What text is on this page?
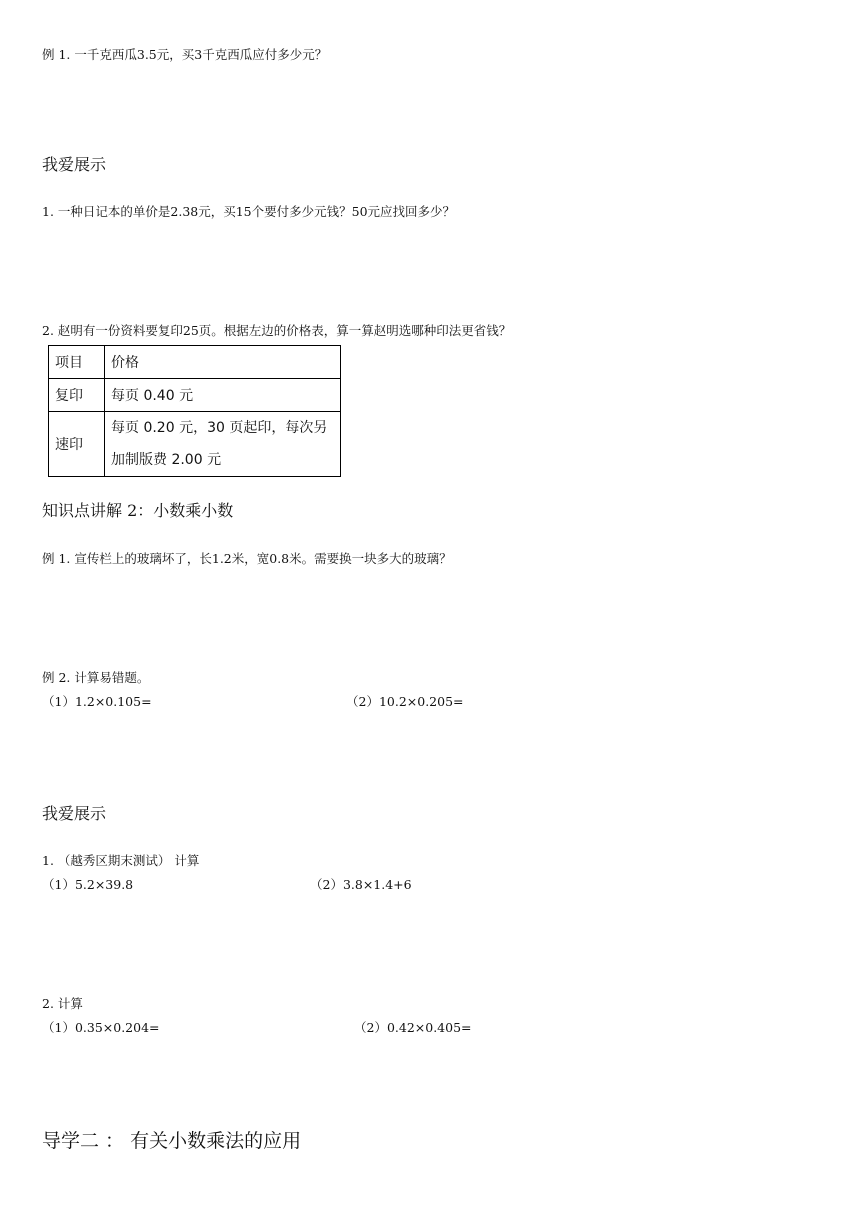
例 1. 一千克西瓜3.5元，买3千克西瓜应付多少元？
我爱展示
1. 一种日记本的单价是2.38元，买15个要付多少元钱？50元应找回多少？
2. 赵明有一份资料要复印25页。根据左边的价格表，算一算赵明选哪种印法更省钱？
项目	价格
复印	每页 0.40 元
速印	每页 0.20 元，30 页起印，每次另加制版费 2.00 元
知识点讲解 2：小数乘小数
例 1. 宣传栏上的玻璃坏了，长1.2米，宽0.8米。需要换一块多大的玻璃？
例 2. 计算易错题。
（1）1.2×0.105=	（2）10.2×0.205=
我爱展示
1. （越秀区期末测试） 计算
（1）5.2×39.8	（2）3.8×1.4+6
2. 计算
（1）0.35×0.204=	（2）0.42×0.405=
导学二 ： 有关小数乘法的应用
